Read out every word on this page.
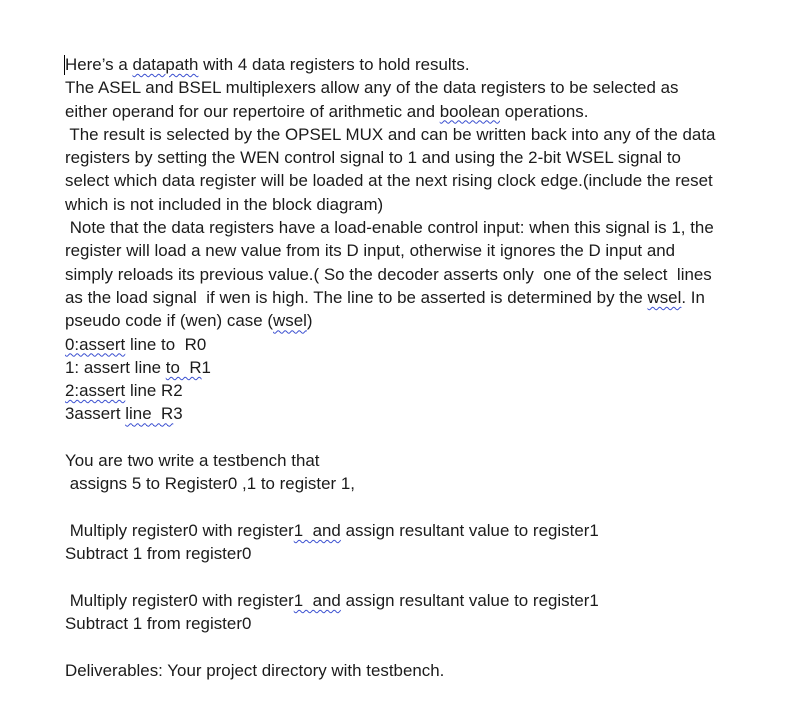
Here’s a datapath with 4 data registers to hold results.
The ASEL and BSEL multiplexers allow any of the data registers to be selected as
either operand for our repertoire of arithmetic and boolean operations.
The result is selected by the OPSEL MUX and can be written back into any of the data
registers by setting the WEN control signal to 1 and using the 2-bit WSEL signal to
select which data register will be loaded at the next rising clock edge.(include the reset
which is not included in the block diagram)
Note that the data registers have a load-enable control input: when this signal is 1, the
register will load a new value from its D input, otherwise it ignores the D input and
simply reloads its previous value.( So the decoder asserts only  one of the select  lines
as the load signal  if wen is high. The line to be asserted is determined by the wsel. In
pseudo code if (wen) case (wsel)
0:assert line to  R0
1: assert line to  R1
2:assert line R2
3assert line  R3
You are two write a testbench that
assigns 5 to Register0 ,1 to register 1,
Multiply register0 with register1  and assign resultant value to register1
Subtract 1 from register0
Multiply register0 with register1  and assign resultant value to register1
Subtract 1 from register0
Deliverables: Your project directory with testbench.
